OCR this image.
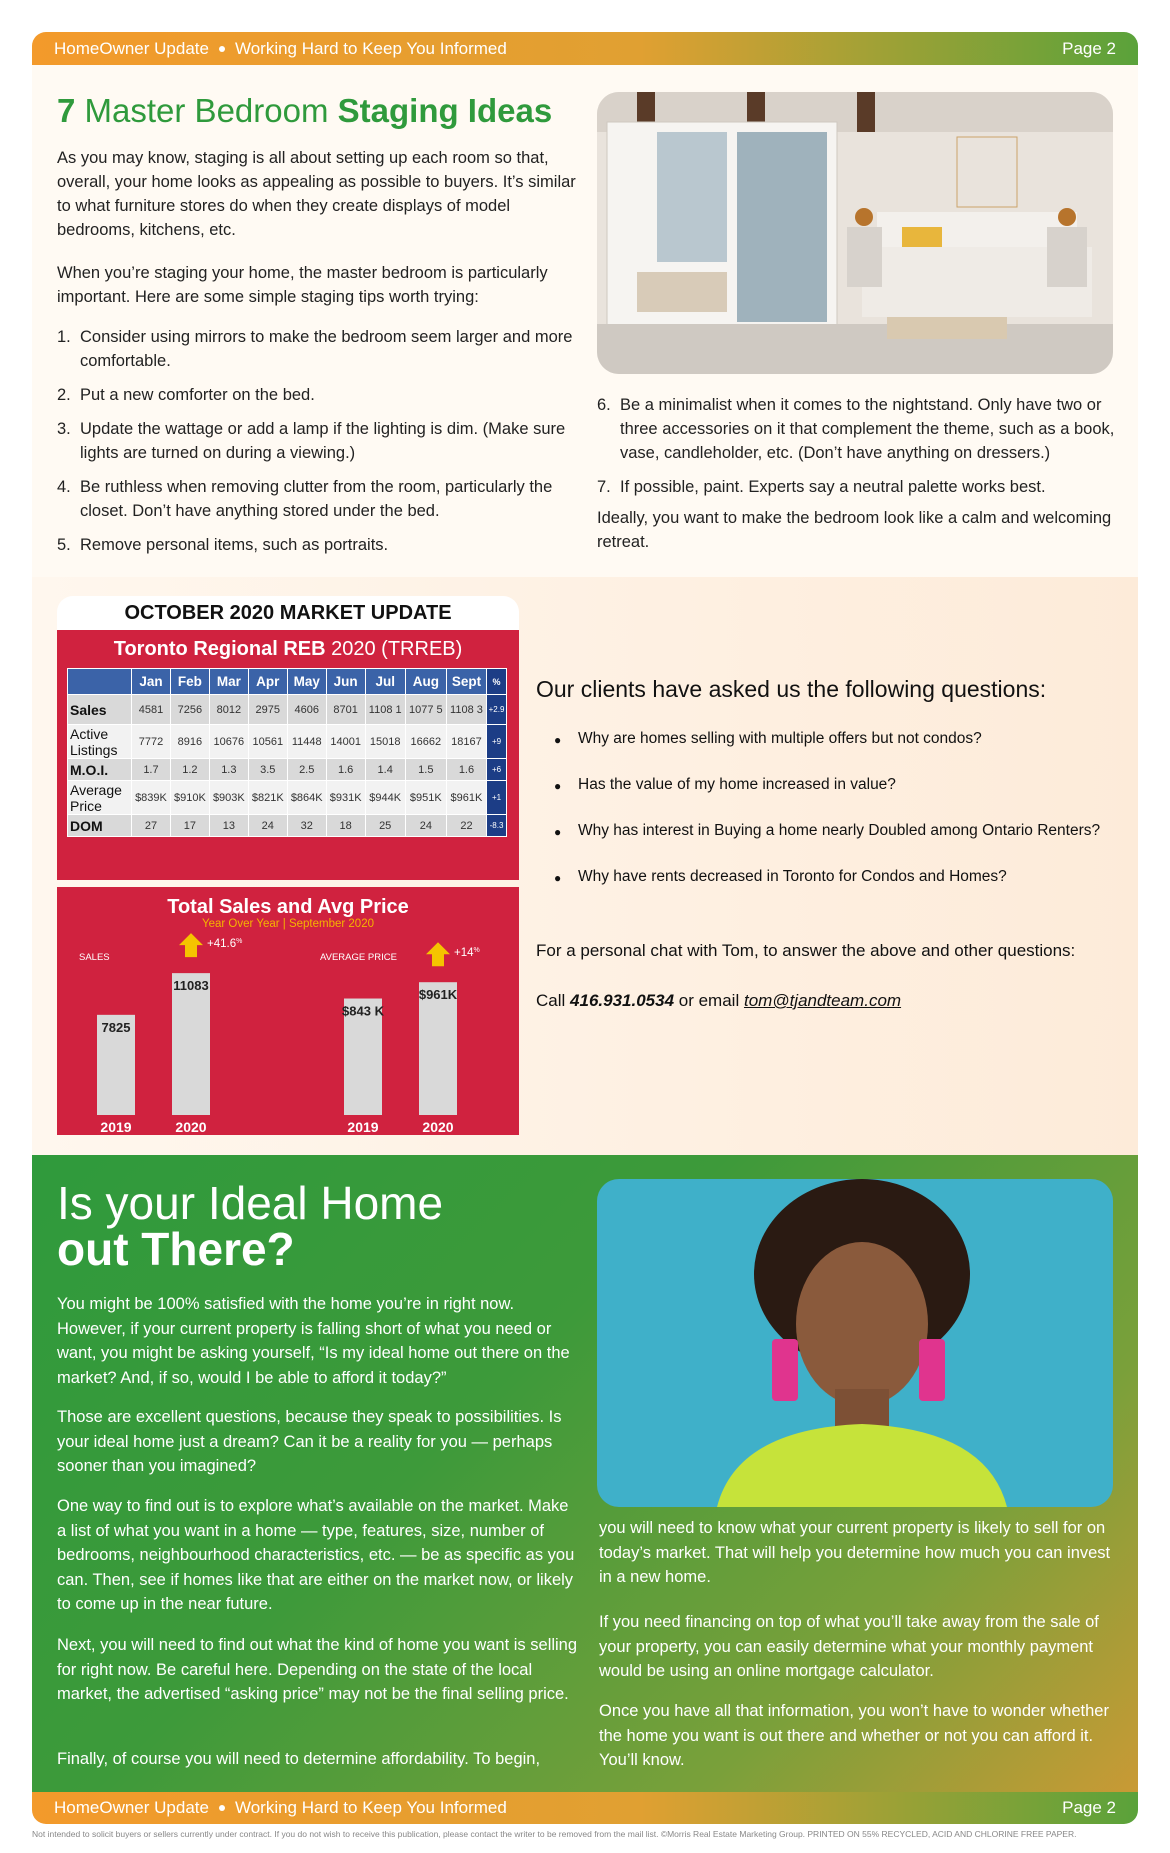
HomeOwner Update Working Hard to Keep You Informed	Page 2
7 Master Bedroom Staging Ideas
As you may know, staging is all about setting up each room so that, overall, your home looks as appealing as possible to buyers. It’s similar to what furniture stores do when they create displays of model bedrooms, kitchens, etc.
When you’re staging your home, the master bedroom is particularly important. Here are some simple staging tips worth trying:
1. Consider using mirrors to make the bedroom seem larger and more comfortable.
2. Put a new comforter on the bed.
3. Update the wattage or add a lamp if the lighting is dim. (Make sure lights are turned on during a viewing.)
4. Be ruthless when removing clutter from the room, particularly the closet. Don’t have anything stored under the bed.
5. Remove personal items, such as portraits.
6. Be a minimalist when it comes to the nightstand. Only have two or three accessories on it that complement the theme, such as a book, vase, candleholder, etc. (Don’t have anything on dressers.)
7. If possible, paint. Experts say a neutral palette works best.
Ideally, you want to make the bedroom look like a calm and welcoming retreat.
OCTOBER 2020 MARKET UPDATE
Toronto Regional REB 2020 (TRREB)
	Jan	Feb	Mar	Apr	May	Jun	Jul	Aug	Sept	%
Sales	4581	7256	8012	2975	4606	8701	1108 1	1077 5	1108 3	+2.9
Active Listings	7772	8916	10676	10561	11448	14001	15018	16662	18167	+9
M.O.I.	1.7	1.2	1.3	3.5	2.5	1.6	1.4	1.5	1.6	+6
Average Price	$839K	$910K	$903K	$821K	$864K	$931K	$944K	$951K	$961K	+1
DOM	27	17	13	24	32	18	25	24	22	-8.3
Total Sales and Avg Price
Year Over Year | September 2020
SALES	AVERAGE PRICE
7825
2019
11083
2020
+41.6%
$843 K
2019
$961K
2020
+14%
Our clients have asked us the following questions:
●	Why are homes selling with multiple offers but not condos?
●	Has the value of my home increased in value?
●	Why has interest in Buying a home nearly Doubled among Ontario Renters?
●	Why have rents decreased in Toronto for Condos and Homes?
For a personal chat with Tom, to answer the above and other questions:
Call 416.931.0534 or email tom@tjandteam.com
Is your Ideal Home
out There?
You might be 100% satisfied with the home you’re in right now. However, if your current property is falling short of what you need or want, you might be asking yourself, “Is my ideal home out there on the market? And, if so, would I be able to afford it today?”
Those are excellent questions, because they speak to possibilities. Is your ideal home just a dream? Can it be a reality for you — perhaps sooner than you imagined?
One way to find out is to explore what’s available on the market. Make a list of what you want in a home — type, features, size, number of bedrooms, neighbourhood characteristics, etc. — be as specific as you can. Then, see if homes like that are either on the market now, or likely to come up in the near future.
Next, you will need to find out what the kind of home you want is selling for right now. Be careful here. Depending on the state of the local market, the advertised “asking price” may not be the final selling price.
Finally, of course you will need to determine affordability. To begin,
you will need to know what your current property is likely to sell for on today’s market. That will help you determine how much you can invest in a new home.
If you need financing on top of what you’ll take away from the sale of your property, you can easily determine what your monthly payment would be using an online mortgage calculator.
Once you have all that information, you won’t have to wonder whether the home you want is out there and whether or not you can afford it. You’ll know.
HomeOwner Update Working Hard to Keep You Informed	Page 2
Not intended to solicit buyers or sellers currently under contract. If you do not wish to receive this publication, please contact the writer to be removed from the mail list. ©Morris Real Estate Marketing Group. PRINTED ON 55% RECYCLED, ACID AND CHLORINE FREE PAPER.
